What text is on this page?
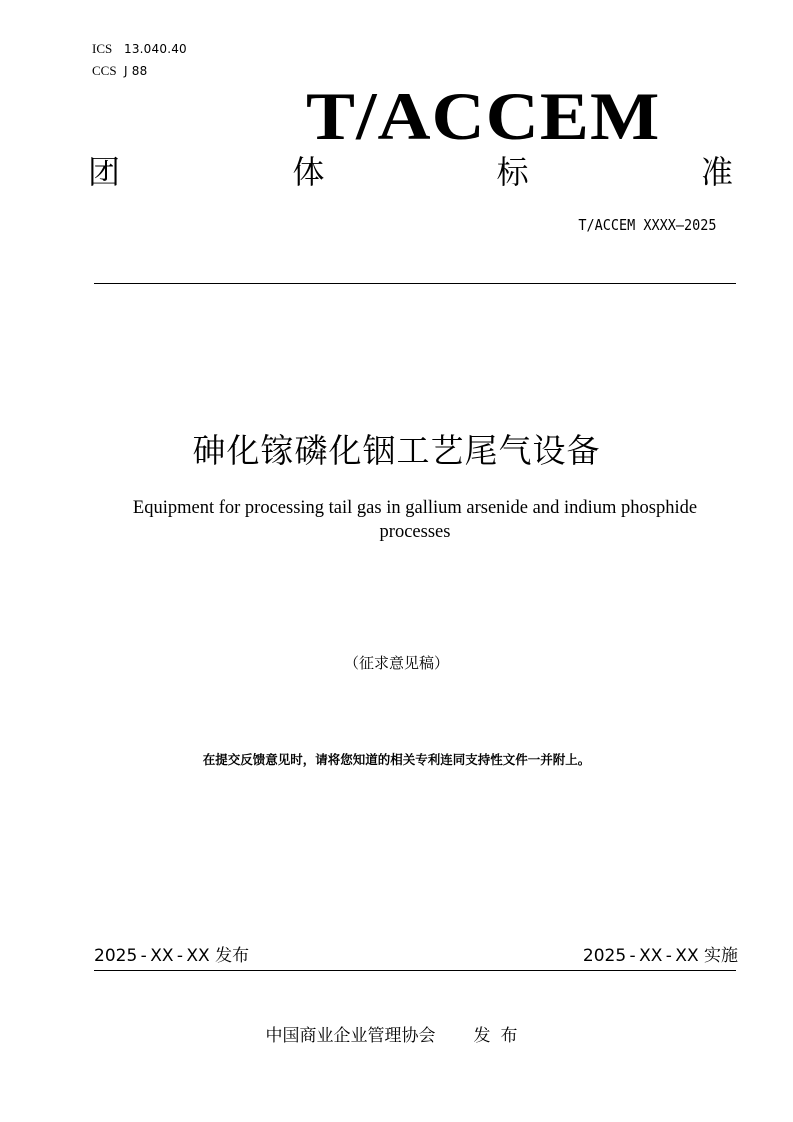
ICS 13.040.40
CCS J 88
T/ACCEM
团	体	标	准
T/ACCEM XXXX—2025
砷化镓磷化铟工艺尾气设备
Equipment for processing tail gas in gallium arsenide and indium phosphide processes
（征求意见稿）
在提交反馈意见时，请将您知道的相关专利连同支持性文件一并附上。
2025 - XX - XX 发布	2025 - XX - XX 实施
中国商业企业管理协会 发布
